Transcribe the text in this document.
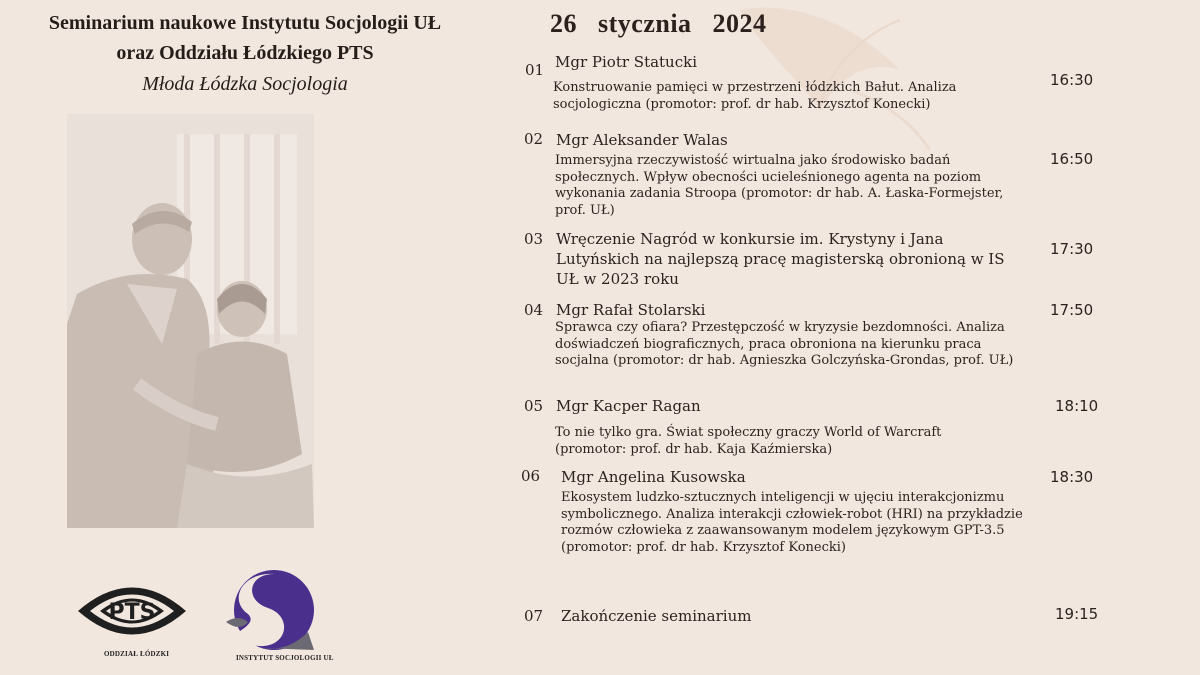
Seminarium naukowe Instytutu Socjologii UŁ
oraz Oddziału Łódzkiego PTS
Młoda Łódzka Socjologia
PTS
ODDZIAŁ ŁÓDZKI	INSTYTUT SOCJOLOGII UŁ
26 stycznia 2024
01 Mgr Piotr Statucki
Konstruowanie pamięci w przestrzeni łódzkich Bałut. Analiza socjologiczna (promotor: prof. dr hab. Krzysztof Konecki)
16:30
02 Mgr Aleksander Walas
Immersyjna rzeczywistość wirtualna jako środowisko badań społecznych. Wpływ obecności ucieleśnionego agenta na poziom wykonania zadania Stroopa (promotor: dr hab. A. Łaska-Formejster, prof. UŁ)
16:50
03 Wręczenie Nagród w konkursie im. Krystyny i Jana Lutyńskich na najlepszą pracę magisterską obronioną w IS UŁ w 2023 roku
17:30
04 Mgr Rafał Stolarski
Sprawca czy ofiara? Przestępczość w kryzysie bezdomności. Analiza doświadczeń biograficznych, praca obroniona na kierunku praca socjalna (promotor: dr hab. Agnieszka Golczyńska-Grondas, prof. UŁ)
17:50
05 Mgr Kacper Ragan
To nie tylko gra. Świat społeczny graczy World of Warcraft (promotor: prof. dr hab. Kaja Kaźmierska)
18:10
06 Mgr Angelina Kusowska
Ekosystem ludzko-sztucznych inteligencji w ujęciu interakcjonizmu symbolicznego. Analiza interakcji człowiek-robot (HRI) na przykładzie rozmów człowieka z zaawansowanym modelem językowym GPT-3.5 (promotor: prof. dr hab. Krzysztof Konecki)
18:30
07 Zakończenie seminarium	19:15
